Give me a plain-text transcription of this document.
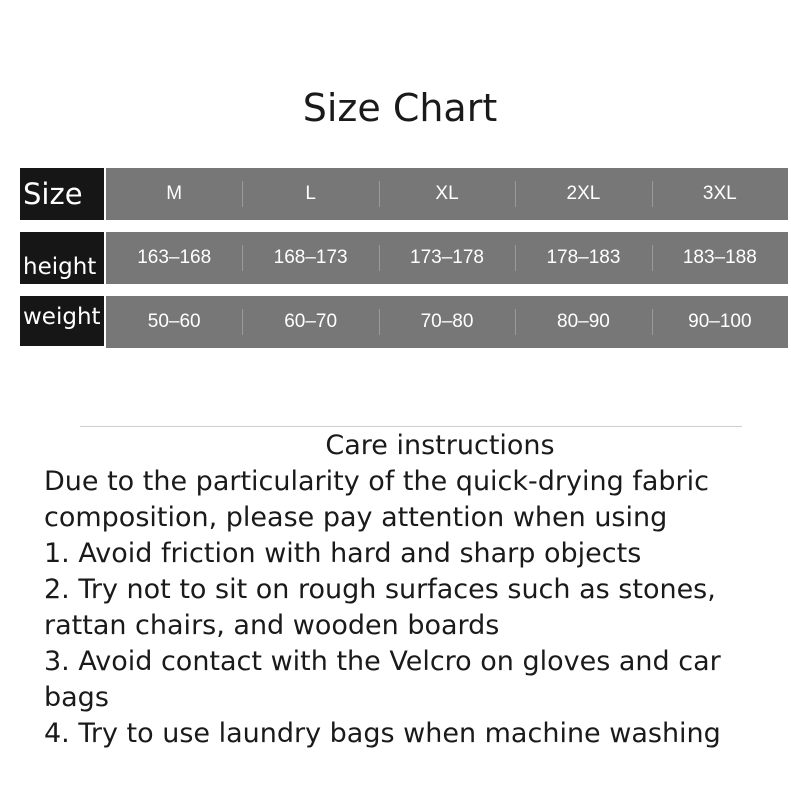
Size Chart
Size	M	L	XL	2XL	3XL
height	163–168	168–173	173–178	178–183	183–188
weight	50–60	60–70	70–80	80–90	90–100
Care instructions

Due to the particularity of the quick-drying fabric composition, please pay attention when using

1. Avoid friction with hard and sharp objects

2. Try not to sit on rough surfaces such as stones, rattan chairs, and wooden boards

3. Avoid contact with the Velcro on gloves and car bags

4. Try to use laundry bags when machine washing
